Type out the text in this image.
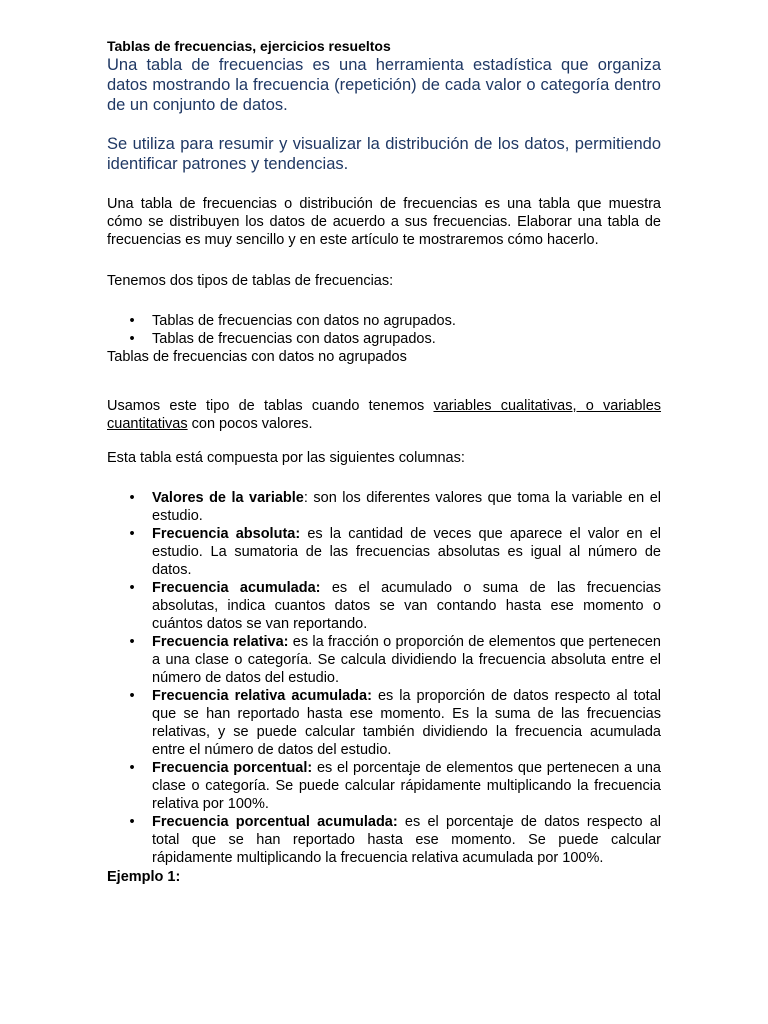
Tablas de frecuencias, ejercicios resueltos

Una tabla de frecuencias es una herramienta estadística que organiza datos mostrando la frecuencia (repetición) de cada valor o categoría dentro de un conjunto de datos.

Se utiliza para resumir y visualizar la distribución de los datos, permitiendo identificar patrones y tendencias.

Una tabla de frecuencias o distribución de frecuencias es una tabla que muestra cómo se distribuyen los datos de acuerdo a sus frecuencias. Elaborar una tabla de frecuencias es muy sencillo y en este artículo te mostraremos cómo hacerlo.

Tenemos dos tipos de tablas de frecuencias:

• Tablas de frecuencias con datos no agrupados.
• Tablas de frecuencias con datos agrupados.

Tablas de frecuencias con datos no agrupados

Usamos este tipo de tablas cuando tenemos variables cualitativas, o variables cuantitativas con pocos valores.

Esta tabla está compuesta por las siguientes columnas:

• Valores de la variable: son los diferentes valores que toma la variable en el estudio.
• Frecuencia absoluta: es la cantidad de veces que aparece el valor en el estudio. La sumatoria de las frecuencias absolutas es igual al número de datos.
• Frecuencia acumulada: es el acumulado o suma de las frecuencias absolutas, indica cuantos datos se van contando hasta ese momento o cuántos datos se van reportando.
• Frecuencia relativa: es la fracción o proporción de elementos que pertenecen a una clase o categoría. Se calcula dividiendo la frecuencia absoluta entre el número de datos del estudio.
• Frecuencia relativa acumulada: es la proporción de datos respecto al total que se han reportado hasta ese momento. Es la suma de las frecuencias relativas, y se puede calcular también dividiendo la frecuencia acumulada entre el número de datos del estudio.
• Frecuencia porcentual: es el porcentaje de elementos que pertenecen a una clase o categoría. Se puede calcular rápidamente multiplicando la frecuencia relativa por 100%.
• Frecuencia porcentual acumulada: es el porcentaje de datos respecto al total que se han reportado hasta ese momento. Se puede calcular rápidamente multiplicando la frecuencia relativa acumulada por 100%.

Ejemplo 1:
